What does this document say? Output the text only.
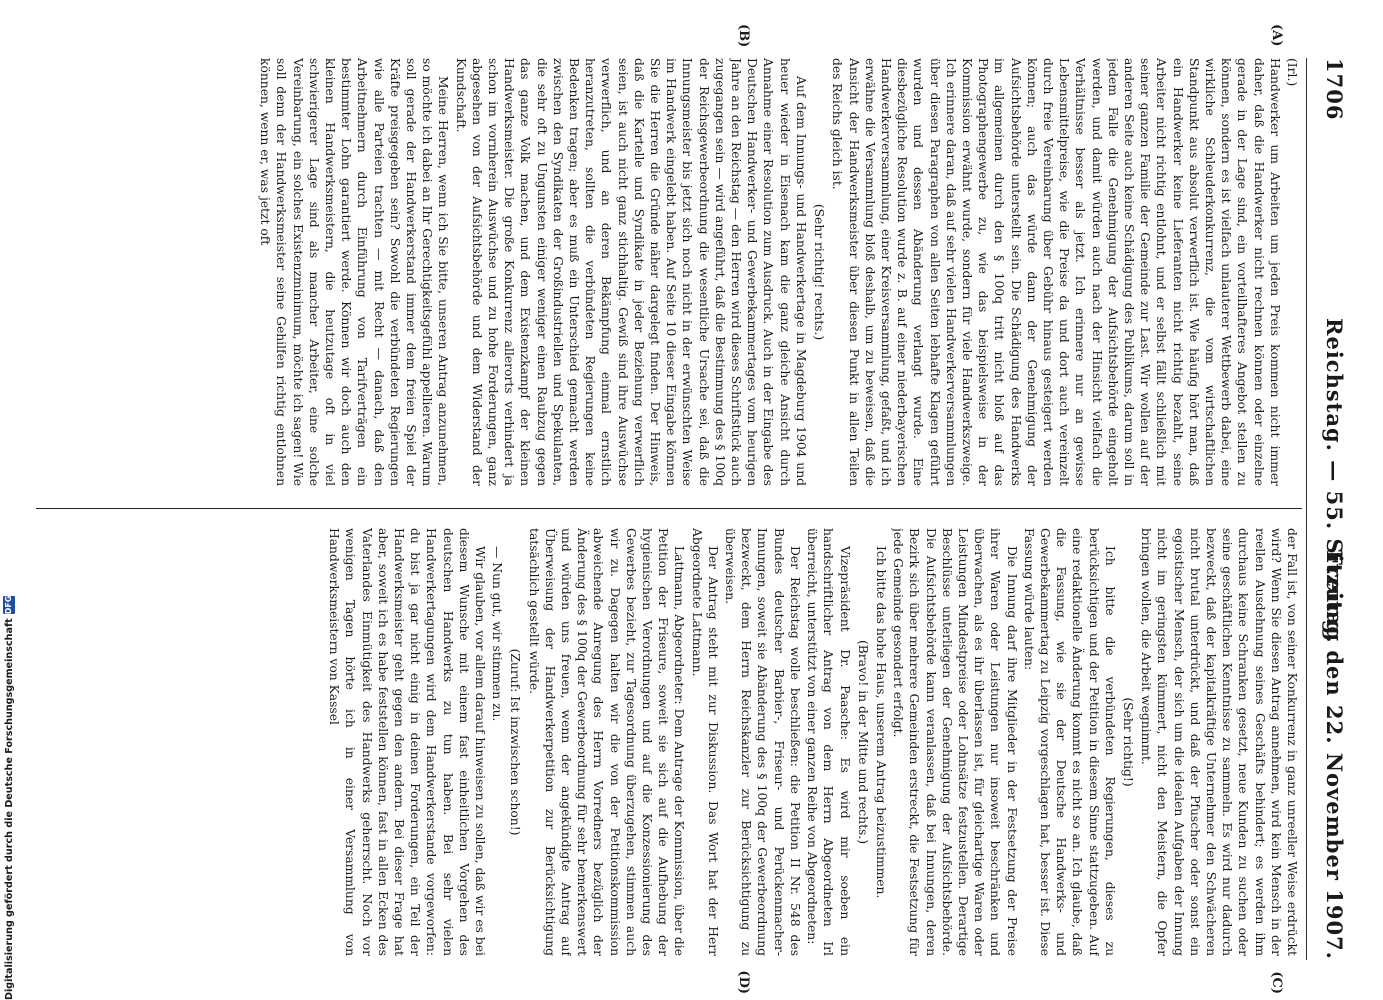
1706
Reichstag. — 55. Sitzung.
Freitag den 22. November 1907.
(A)
(B)
(C)
(D)

(Irl.)

Handwerker um Arbeiten um jeden Preis kommen nicht immer daher, daß die Handwerker nicht rechnen können oder einzelne gerade in der Lage sind, ein vorteilhafteres Angebot stellen zu können, sondern es ist vielfach unlauterer Wettbewerb dabei, eine wirkliche Schleuderkonkurrenz, die vom wirtschaftlichen Standpunkt aus absolut verwerflich ist. Wie häufig hört man, daß ein Handwerker keine Lieferanten nicht richtig bezahlt, seine Arbeiter nicht richtig entlohnt, und er selbst fällt schließlich mit seiner ganzen Familie der Gemeinde zur Last. Wir wollen auf der anderen Seite auch keine Schädigung des Publikums, darum soll in jedem Falle die Genehmigung der Aufsichtsbehörde eingeholt werden, und damit würden auch nach der Hinsicht vielfach die Verhältnisse besser als jetzt. Ich erinnere nur an gewisse Lebensmittelpreise, wie die Preise da und dort auch vereinzelt durch freie Vereinbarung über Gebühr hinaus gesteigert werden können; auch das würde dann der Genehmigung der Aufsichtsbehörde unterstellt sein. Die Schädigung des Handwerks im allgemeinen durch den § 100q tritt nicht bloß auf das Photographengewerbe zu, wie das beispielsweise in der Kommission erwähnt wurde, sondern für viele Handwerkszweige. Ich erinnere daran, daß auf sehr vielen Handwerkerversammlungen über diesen Paragraphen von allen Seiten lebhafte Klagen geführt wurden und dessen Abänderung verlangt wurde. Eine diesbezügliche Resolution wurde z. B. auf einer niederbayerischen Handwerkerversammlung, einer Kreisversammlung, gefaßt, und ich erwähne die Versammlung bloß deshalb, um zu beweisen, daß die Ansicht der Handwerksmeister über diesen Punkt in allen Teilen des Reichs gleich ist.

(Sehr richtig! rechts.)

Auf dem Innungs- und Handwerkertage in Magdeburg 1904 und heuer wieder in Eisenach kam die ganz gleiche Ansicht durch Annahme einer Resolution zum Ausdruck. Auch in der Eingabe des Deutschen Handwerker- und Gewerbekammertages vom heurigen Jahre an den Reichstag — den Herren wird dieses Schriftstück auch zugegangen sein — wird angeführt, daß die Bestimmung des § 100q der Reichsgewerbeordnung die wesentliche Ursache sei, daß die Innungsmeister bis jetzt sich noch nicht in der erwünschten Weise im Handwerk eingelebt haben. Auf Seite 10 dieser Eingabe können Sie die Herren die Gründe näher dargelegt finden. Der Hinweis, daß die Kartelle und Syndikate in jeder Beziehung verwerflich seien, ist auch nicht ganz stichhaltig. Gewiß sind ihre Auswüchse verwerflich, und an deren Bekämpfung einmal ernstlich heranzutreten, sollten die verbündeten Regierungen keine Bedenken tragen; aber es muß ein Unterschied gemacht werden zwischen den Syndikaten der Großindustriellen und Spekulanten, die sehr oft zu Ungunsten einiger weniger einen Raubzug gegen das ganze Volk machen, und dem Existenzkampf der kleinen Handwerksmeister. Die große Konkurrenz allerorts verhindert ja schon im vornherein Auswüchse und zu hohe Forderungen, ganz abgesehen von der Aufsichtsbehörde und dem Widerstand der Kundschaft.

Meine Herren, wenn ich Sie bitte, unseren Antrag anzunehmen, so möchte ich dabei an Ihr Gerechtigkeitsgefühl appellieren. Warum soll gerade der Handwerkerstand immer dem freien Spiel der Kräfte preisgegeben sein? Sowohl die verbündeten Regierungen wie alle Parteien trachten — mit Recht — danach, daß den Arbeitnehmern durch Einführung von Tarifverträgen ein bestimmter Lohn garantiert werde. Können wir doch auch den kleinen Handwerksmeistern, die heutzutage oft in viel schwierigerer Lage sind als mancher Arbeiter, eine solche Vereinbarung, ein solches Existenzminimum, möchte ich sagen! Wie soll denn der Handwerksmeister seine Gehilfen richtig entlohnen können, wenn er, was jetzt oft

der Fall ist, von seiner Konkurrenz in ganz unreeller Weise erdrückt wird? Wenn Sie diesen Antrag annehmen, wird kein Mensch in der reellen Ausdehnung seines Geschäfts behindert; es werden ihm durchaus keine Schranken gesetzt, neue Kunden zu suchen oder seine geschäftlichen Kenntnisse zu sammeln. Es wird nur dadurch bezweckt, daß der kapitalkräftige Unternehmer den Schwächeren nicht brutal unterdrückt, und daß der Pfuscher oder sonst ein egoistischer Mensch, der sich um die idealen Aufgaben der Innung nicht im geringsten kümmert, nicht den Meistern, die Opfer bringen wollen, die Arbeit wegnimmt.

(Sehr richtig!)

Ich bitte die verbündeten Regierungen, dieses zu berücksichtigen und der Petition in diesem Sinne stattzugeben. Auf eine redaktionelle Änderung kommt es nicht so an. Ich glaube, daß die Fassung, wie sie der Deutsche Handwerks- und Gewerbekammertag zu Leipzig vorgeschlagen hat, besser ist. Diese Fassung würde lauten:

Die Innung darf ihre Mitglieder in der Festsetzung der Preise ihrer Waren oder Leistungen nur insoweit beschränken und überwachen, als es ihr überlassen ist, für gleichartige Waren oder Leistungen Mindestpreise oder Lohnsätze festzustellen. Derartige Beschlüsse unterliegen der Genehmigung der Aufsichtsbehörde. Die Aufsichtsbehörde kann veranlassen, daß bei Innungen, deren Bezirk sich über mehrere Gemeinden erstreckt, die Festsetzung für jede Gemeinde gesondert erfolgt.

Ich bitte das hohe Haus, unserem Antrag beizustimmen.

(Bravo! in der Mitte und rechts.)

Vizepräsident Dr. Paasche: Es wird mir soeben ein handschriftlicher Antrag von dem Herrn Abgeordneten Irl überreicht, unterstützt von einer ganzen Reihe von Abgeordneten:

Der Reichstag wolle beschließen: die Petition II Nr. 548 des Bundes deutscher Barbier-, Friseur- und Perückenmacher-Innungen, soweit sie Abänderung des § 100q der Gewerbeordnung bezweckt, dem Herrn Reichskanzler zur Berücksichtigung zu überweisen.

Der Antrag steht mit zur Diskussion. Das Wort hat der Herr Abgeordnete Lattmann.

Lattmann, Abgeordneter: Dem Antrage der Kommission, über die Petition der Friseure, soweit sie sich auf die Aufhebung der hygienischen Verordnungen und auf die Konzessionierung des Gewerbes bezieht, zur Tagesordnung überzugehen, stimmen auch wir zu. Dagegen halten wir die von der Petitionskommission abweichende Anregung des Herrn Vorredners bezüglich der Änderung des § 100q der Gewerbeordnung für sehr bemerkenswert und würden uns freuen, wenn der angekündigte Antrag auf Überweisung der Handwerkerpetition zur Berücksichtigung tatsächlich gestellt würde.

(Zuruf: Ist inzwischen schon!)

— Nun gut, wir stimmen zu.

Wir glauben, vor allem darauf hinweisen zu sollen, daß wir es bei diesem Wunsche mit einem fast einheitlichen Vorgehen des deutschen Handwerks zu tun haben. Bei sehr vielen Handwerkertagungen wird dem Handwerkerstande vorgeworfen: du bist ja gar nicht einig in deinen Forderungen, ein Teil der Handwerksmeister geht gegen den andern. Bei dieser Frage hat aber, soweit ich es habe feststellen können, fast in allen Ecken des Vaterlandes Einmütigkeit des Handwerks geherrscht. Noch vor wenigen Tagen hörte ich in einer Versammlung von Handwerksmeistern von Kassel

Digitalisierung gefördert durch die Deutsche Forschungsgemeinschaft
DFG
